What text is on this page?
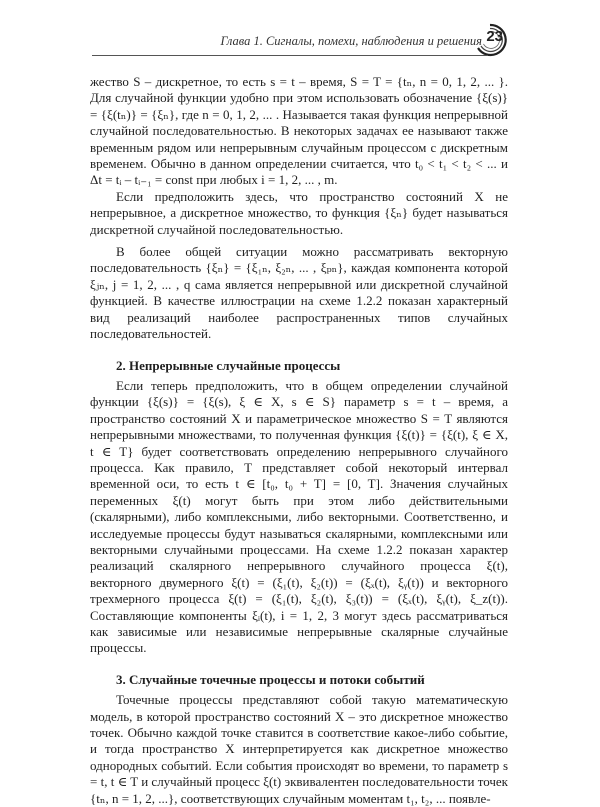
Глава 1. Сигналы, помехи, наблюдения и решения 23

жество S – дискретное, то есть s = t – время, S = T = {tₙ, n = 0, 1, 2, ... }. Для случайной функции удобно при этом использовать обозначение {ξ(s)} = {ξ(tₙ)} = {ξₙ}, где n = 0, 1, 2, ... . Называется такая функция непрерывной случайной последовательностью. В некоторых задачах ее называют также временным рядом или непрерывным случайным процессом с дискретным временем. Обычно в данном определении считается, что t₀ < t₁ < t₂ < ... и Δt = tᵢ – tᵢ₋₁ = const при любых i = 1, 2, ... , m.

Если предположить здесь, что пространство состояний X не непрерывное, а дискретное множество, то функция {ξₙ} будет называться дискретной случайной последовательностью.

В более общей ситуации можно рассматривать векторную последовательность {ξₙ} = {ξ₁ₙ, ξ₂ₙ, ... , ξₚₙ}, каждая компонента которой ξⱼₙ, j = 1, 2, ... , q сама является непрерывной или дискретной случайной функцией. В качестве иллюстрации на схеме 1.2.2 показан характерный вид реализаций наиболее распространенных типов случайных последовательностей.

2. Непрерывные случайные процессы

Если теперь предположить, что в общем определении случайной функции {ξ(s)} = {ξ(s), ξ ∈ X, s ∈ S} параметр s = t – время, а пространство состояний X и параметрическое множество S = T являются непрерывными множествами, то полученная функция {ξ(t)} = {ξ(t), ξ ∈ X, t ∈ T} будет соответствовать определению непрерывного случайного процесса. Как правило, T представляет собой некоторый интервал временной оси, то есть t ∈ [t₀, t₀ + T] = [0, T]. Значения случайных переменных ξ(t) могут быть при этом либо действительными (скалярными), либо комплексными, либо векторными. Соответственно, и исследуемые процессы будут называться скалярными, комплексными или векторными случайными процессами. На схеме 1.2.2 показан характер реализаций скалярного непрерывного случайного процесса ξ(t), векторного двумерного ξ(t) = (ξ₁(t), ξ₂(t)) = (ξₓ(t), ξᵧ(t)) и векторного трехмерного процесса ξ(t) = (ξ₁(t), ξ₂(t), ξ₃(t)) = (ξₓ(t), ξᵧ(t), ξ_z(t)). Составляющие компоненты ξᵢ(t), i = 1, 2, 3 могут здесь рассматриваться как зависимые или независимые непрерывные скалярные случайные процессы.

3. Случайные точечные процессы и потоки событий

Точечные процессы представляют собой такую математическую модель, в которой пространство состояний X – это дискретное множество точек. Обычно каждой точке ставится в соответствие какое-либо событие, и тогда пространство X интерпретируется как дискретное множество однородных событий. Если события происходят во времени, то параметр s = t, t ∈ T и случайный процесс ξ(t) эквивалентен последовательности точек {tₙ, n = 1, 2, ...}, соответствующих случайным моментам t₁, t₂, ... появле-
